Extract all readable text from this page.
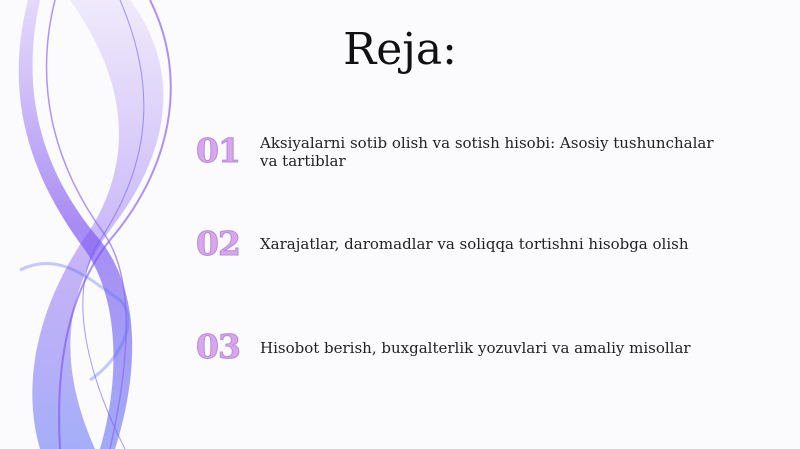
Reja:
01	Aksiyalarni sotib olish va sotish hisobi: Asosiy tushunchalar va tartiblar
02	Xarajatlar, daromadlar va soliqqa tortishni hisobga olish
03	Hisobot berish, buxgalterlik yozuvlari va amaliy misollar
